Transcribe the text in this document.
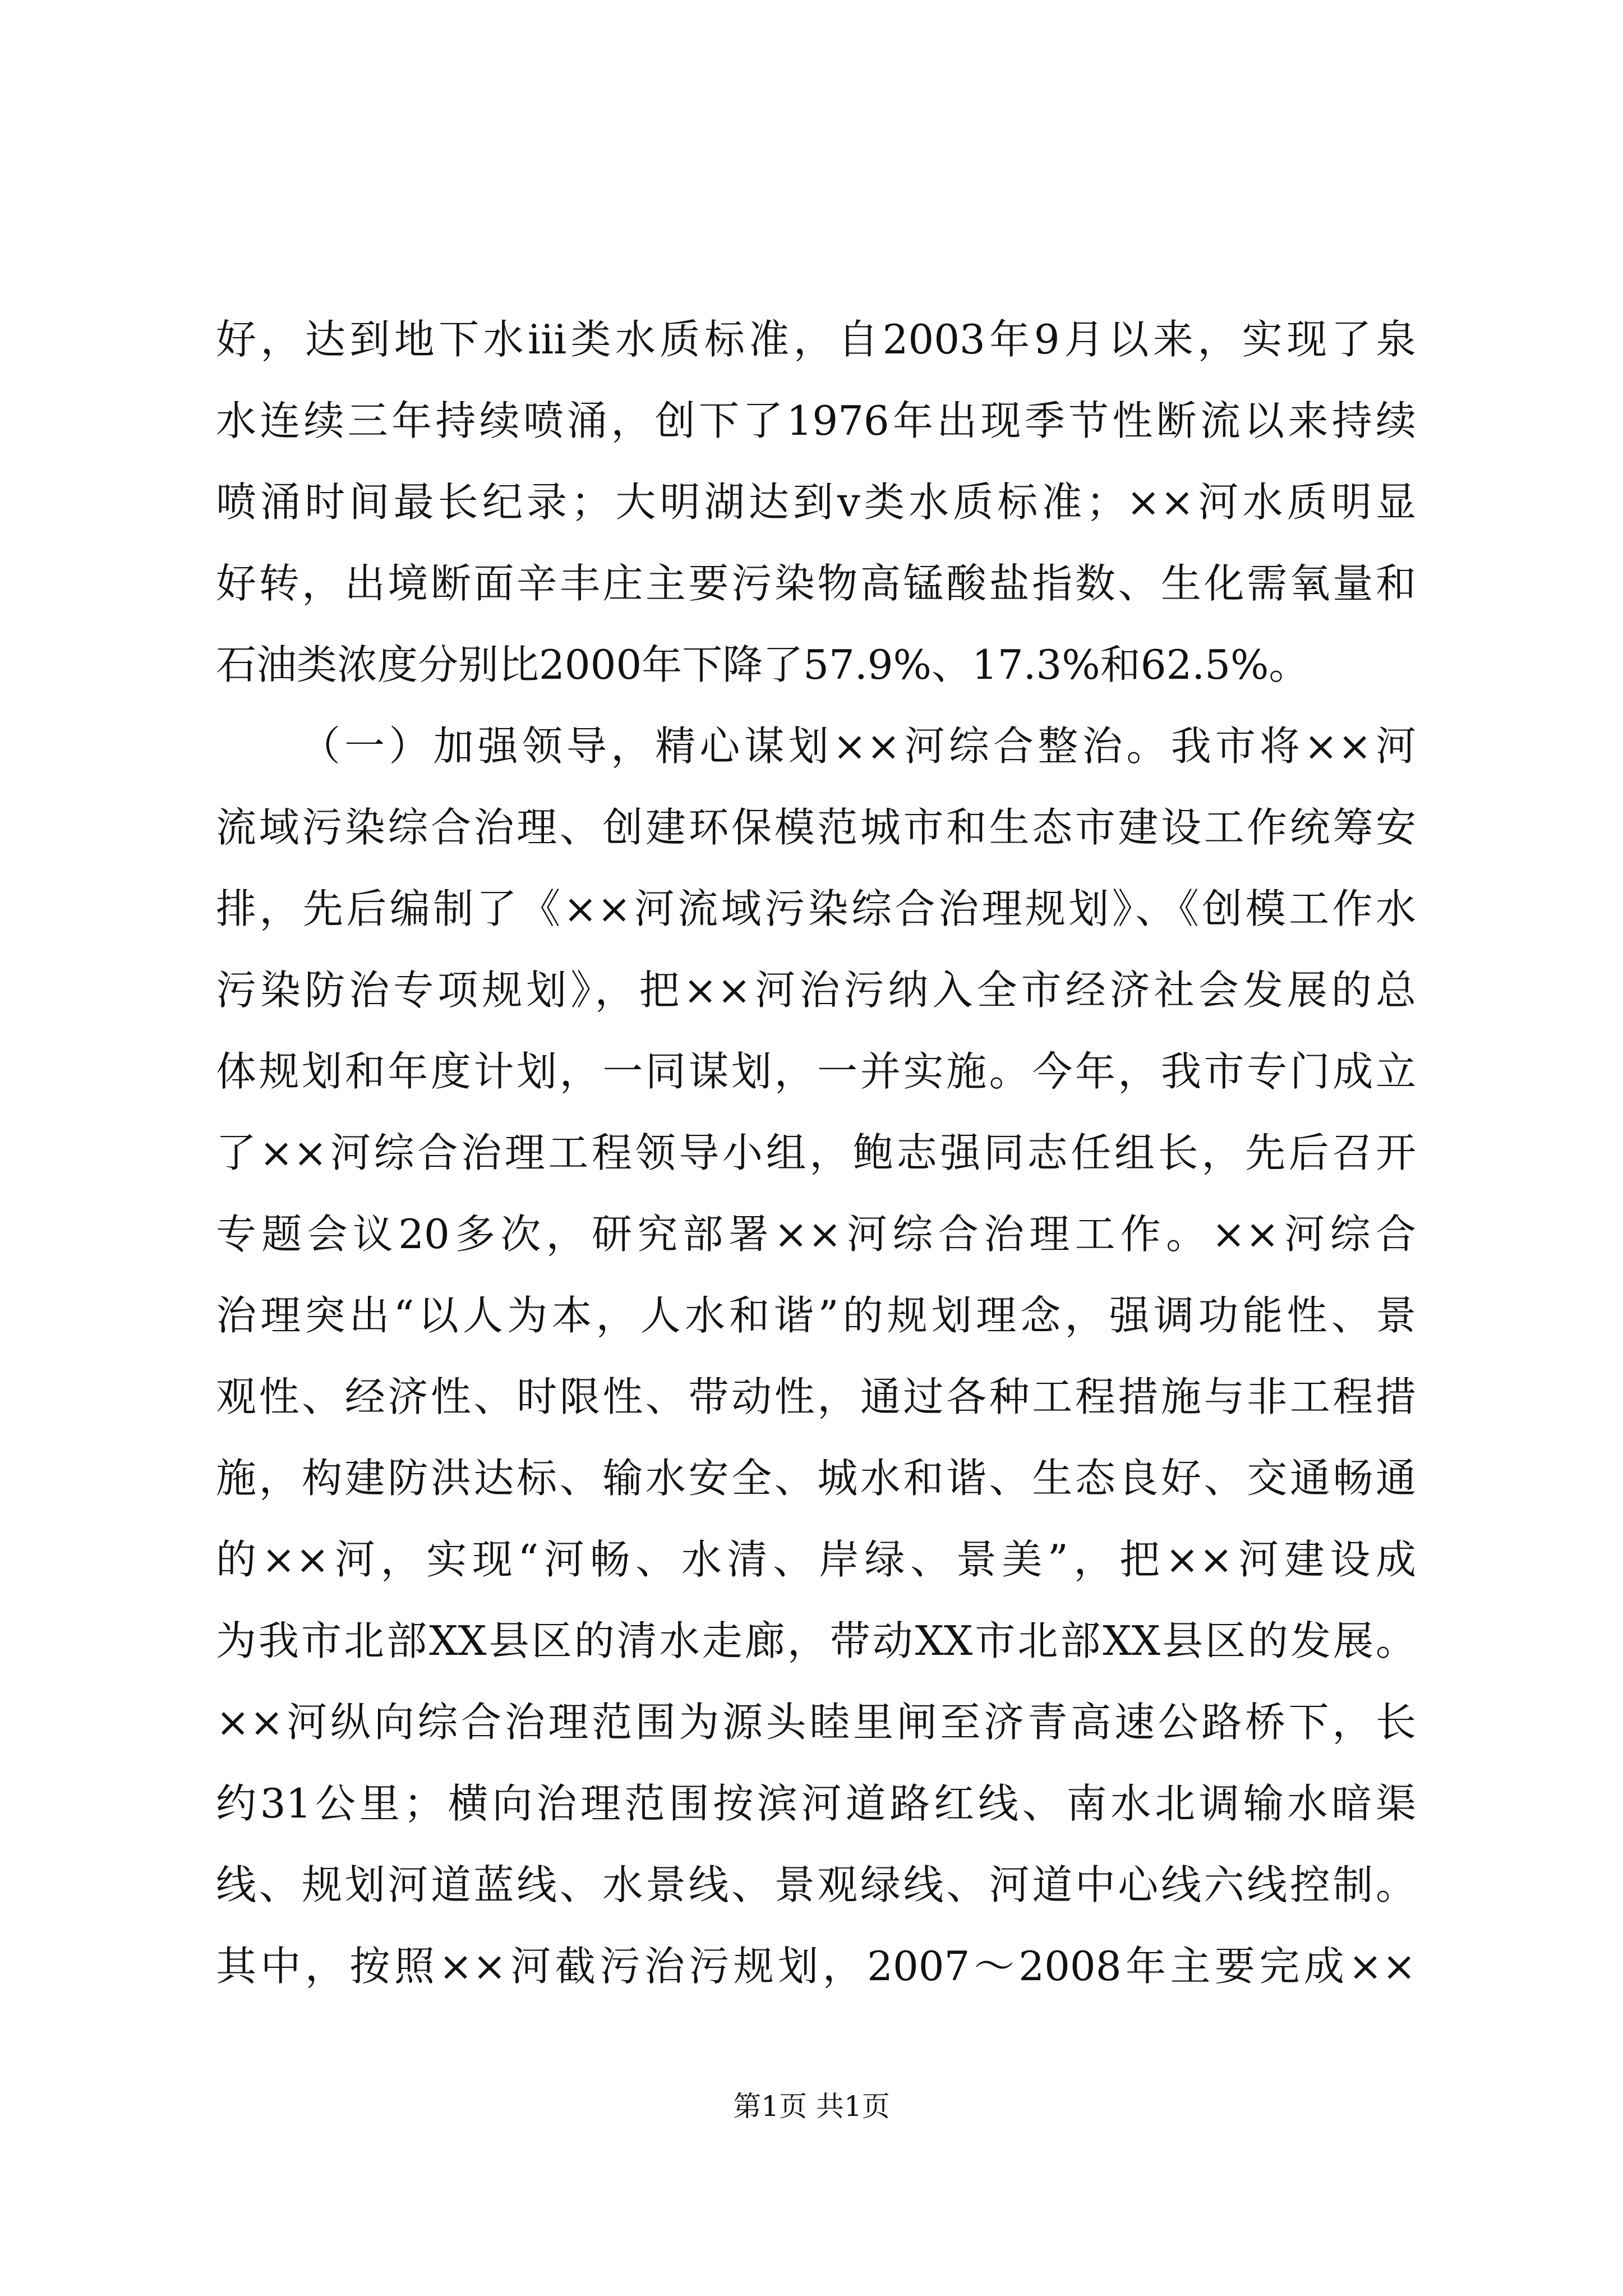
好，达到地下水iii类水质标准，自2003年9月以来，实现了泉
水连续三年持续喷涌，创下了1976年出现季节性断流以来持续
喷涌时间最长纪录；大明湖达到v类水质标准；××河水质明显
好转，出境断面辛丰庄主要污染物高锰酸盐指数、生化需氧量和
石油类浓度分别比2000年下降了57.9%、17.3%和62.5%。
（一）加强领导，精心谋划××河综合整治。我市将××河
流域污染综合治理、创建环保模范城市和生态市建设工作统筹安
排，先后编制了《××河流域污染综合治理规划》、《创模工作水
污染防治专项规划》，把××河治污纳入全市经济社会发展的总
体规划和年度计划，一同谋划，一并实施。今年，我市专门成立
了××河综合治理工程领导小组，鲍志强同志任组长，先后召开
专题会议20多次，研究部署××河综合治理工作。××河综合
治理突出“以人为本，人水和谐”的规划理念，强调功能性、景
观性、经济性、时限性、带动性，通过各种工程措施与非工程措
施，构建防洪达标、输水安全、城水和谐、生态良好、交通畅通
的××河，实现“河畅、水清、岸绿、景美”，把××河建设成
为我市北部XX县区的清水走廊，带动XX市北部XX县区的发展。
××河纵向综合治理范围为源头睦里闸至济青高速公路桥下，长
约31公里；横向治理范围按滨河道路红线、南水北调输水暗渠
线、规划河道蓝线、水景线、景观绿线、河道中心线六线控制。
其中，按照××河截污治污规划，2007～2008年主要完成××
第1页 共1页
